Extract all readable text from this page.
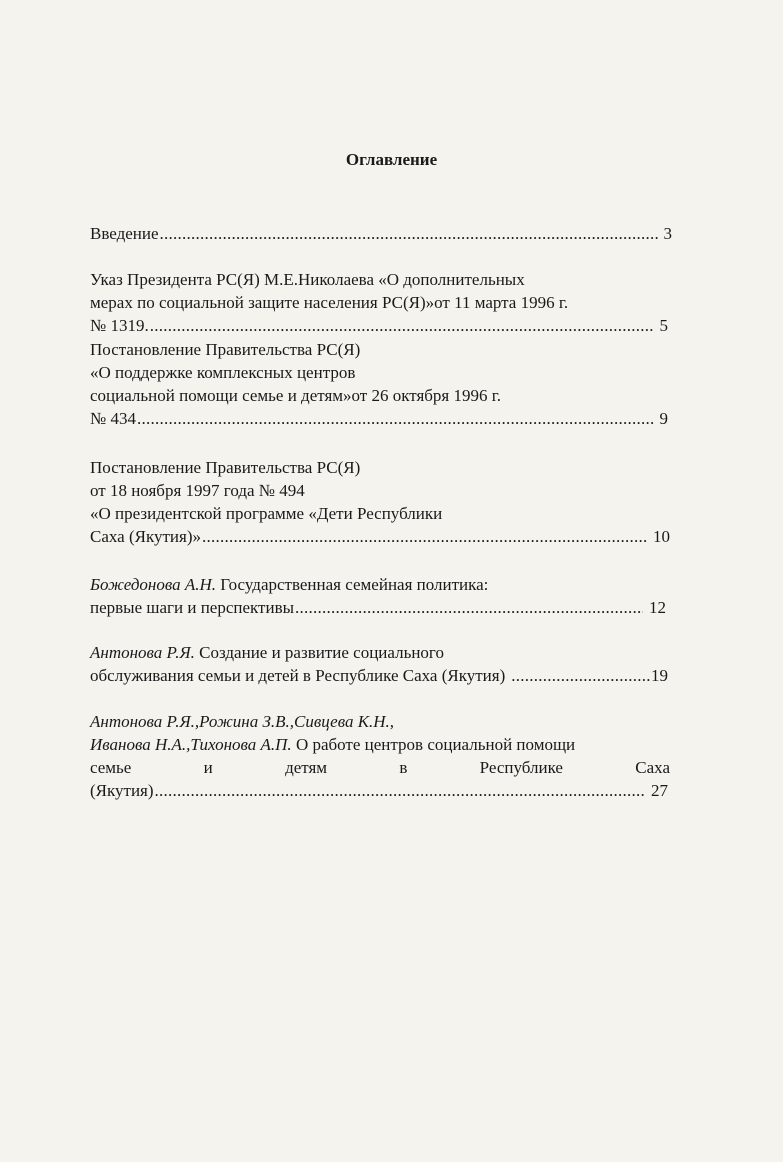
Оглавление
Введение . . .	3
Указ Президента РС(Я) М.Е.Николаева «О дополнительных
мерах по социальной защите населения РС(Я)»от 11 марта 1996 г.
№ 1319. . . .	5
Постановление Правительства РС(Я)
«О поддержке комплексных центров
социальной помощи семье и детям»от 26 октября 1996 г.
№ 434 . . .	9
Постановление Правительства РС(Я)
от 18 ноября 1997 года № 494
«О президентской программе «Дети Республики
Саха (Якутия)» . . .	10
Божедонова А.Н. Государственная семейная политика:
первые шаги и перспективы . . .	12
Антонова Р.Я. Создание и развитие социального
обслуживания семьи и детей в Республике Саха (Якутия) . . .	19
Антонова Р.Я.,Рожина З.В.,Сивцева К.Н.,
Иванова Н.А.,Тихонова А.П. О работе центров социальной помощи
семье	и	детям	в	Республике	Саха
(Якутия) . . .	27
